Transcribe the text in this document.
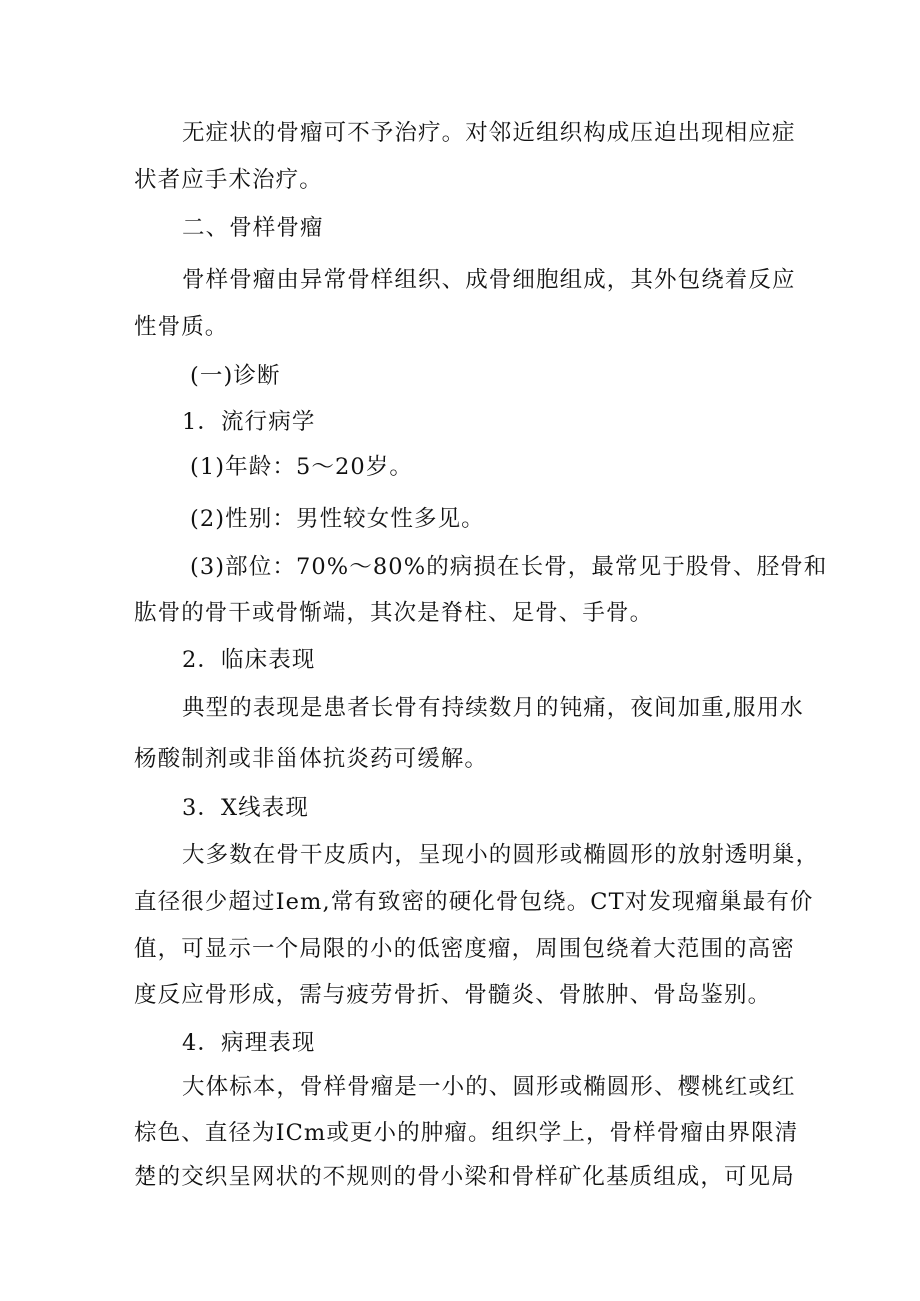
无症状的骨瘤可不予治疗。对邻近组织构成压迫出现相应症
状者应手术治疗。
二、骨样骨瘤
骨样骨瘤由异常骨样组织、成骨细胞组成，其外包绕着反应
性骨质。
(一)诊断
1．流行病学
(1)年龄：5～20岁。
(2)性别：男性较女性多见。
(3)部位：70%～80%的病损在长骨，最常见于股骨、胫骨和
肱骨的骨干或骨惭端，其次是脊柱、足骨、手骨。
2．临床表现
典型的表现是患者长骨有持续数月的钝痛，夜间加重,服用水
杨酸制剂或非甾体抗炎药可缓解。
3．X线表现
大多数在骨干皮质内，呈现小的圆形或椭圆形的放射透明巢，
直径很少超过Iem,常有致密的硬化骨包绕。CT对发现瘤巢最有价
值，可显示一个局限的小的低密度瘤，周围包绕着大范围的高密
度反应骨形成，需与疲劳骨折、骨髓炎、骨脓肿、骨岛鉴别。
4．病理表现
大体标本，骨样骨瘤是一小的、圆形或椭圆形、樱桃红或红
棕色、直径为ICm或更小的肿瘤。组织学上，骨样骨瘤由界限清
楚的交织呈网状的不规则的骨小梁和骨样矿化基质组成，可见局
